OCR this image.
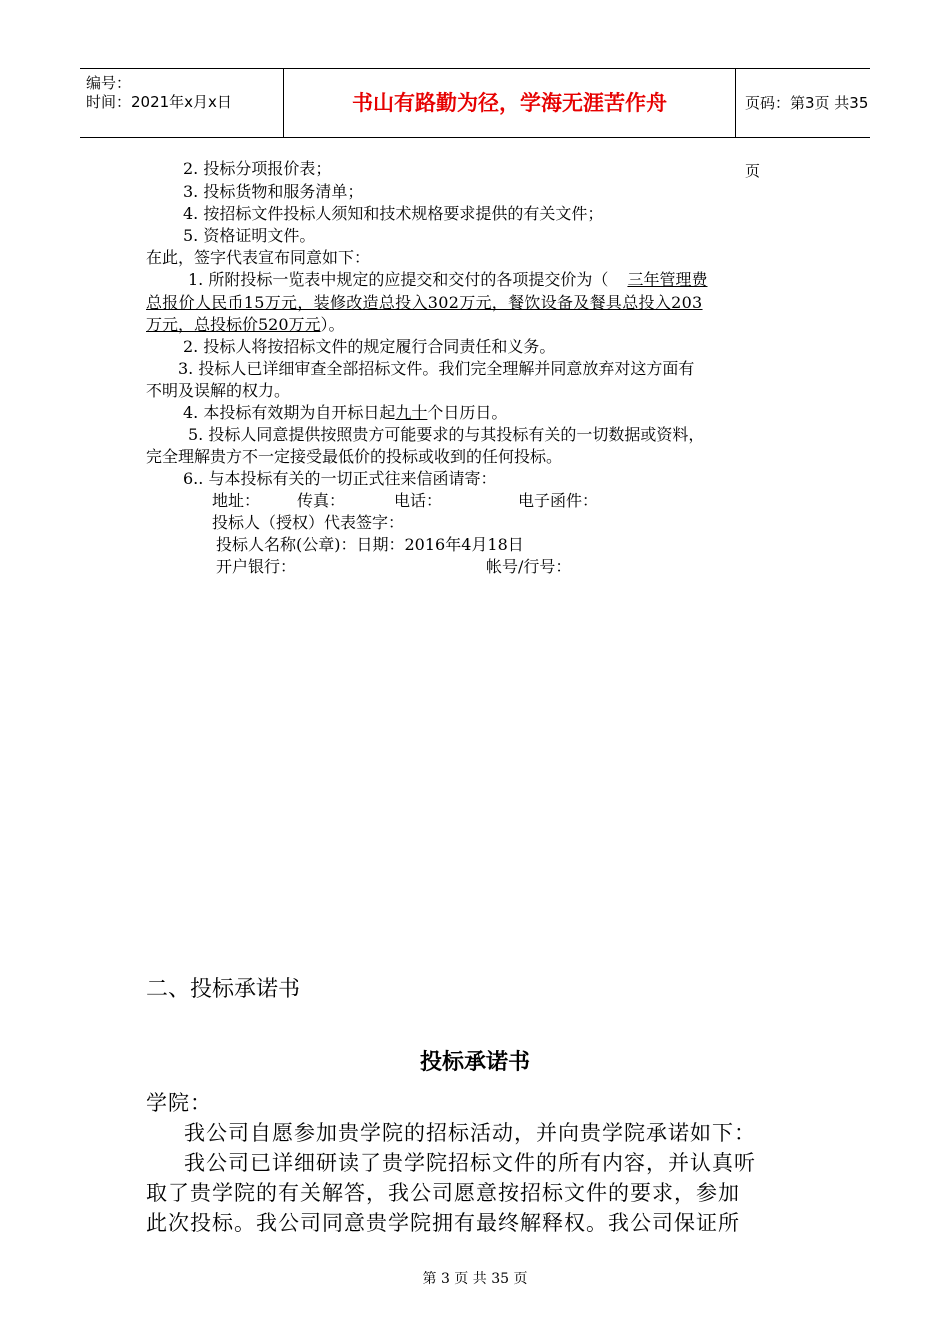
编号：
时间：2021年x月x日	书山有路勤为径，学海无涯苦作舟	页码：第3页 共35页
2. 投标分项报价表；
3. 投标货物和服务清单；
4. 按招标文件投标人须知和技术规格要求提供的有关文件；
5. 资格证明文件。
在此，签字代表宣布同意如下：
1. 所附投标一览表中规定的应提交和交付的各项提交价为（ 三年管理费
总报价人民币15万元，装修改造总投入302万元，餐饮设备及餐具总投入203
万元，总投标价520万元）。
2. 投标人将按招标文件的规定履行合同责任和义务。
3. 投标人已详细审查全部招标文件。我们完全理解并同意放弃对这方面有
不明及误解的权力。
4. 本投标有效期为自开标日起九十个日历日。
5. 投标人同意提供按照贵方可能要求的与其投标有关的一切数据或资料，
完全理解贵方不一定接受最低价的投标或收到的任何投标。
6.. 与本投标有关的一切正式往来信函请寄：
地址： 传真：	电话：	电子函件：
投标人（授权）代表签字：
投标人名称(公章)：日期：2016年4月18日
开户银行：	帐号/行号：
二、投标承诺书
投标承诺书
学院：
我公司自愿参加贵学院的招标活动，并向贵学院承诺如下：
我公司已详细研读了贵学院招标文件的所有内容，并认真听
取了贵学院的有关解答，我公司愿意按招标文件的要求，参加
此次投标。我公司同意贵学院拥有最终解释权。我公司保证所
第 3 页 共 35 页
